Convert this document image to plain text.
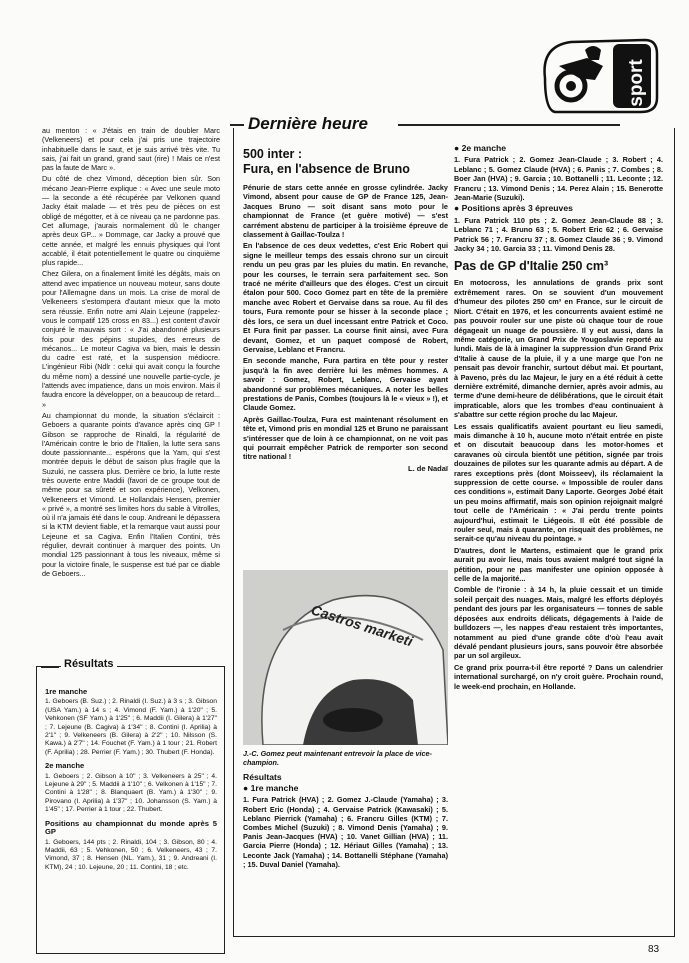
sport

au menton : « J'étais en train de doubler Marc (Velkeneers) et pour cela j'ai pris une trajectoire inhabituelle dans le saut, et je suis arrivé très vite. Tu sais, j'ai fait un grand, grand saut (rire) ! Mais ce n'est pas la faute de Marc ».

Du côté de chez Vimond, déception bien sûr. Son mécano Jean-Pierre explique : « Avec une seule moto — la seconde a été récupérée par Velkonen quand Jacky était malade — et très peu de pièces on est obligé de mégotter, et à ce niveau ça ne pardonne pas. Cet allumage, j'aurais normalement dû le changer après deux GP... » Dommage, car Jacky a prouvé que cette année, et malgré les ennuis physiques qui l'ont accablé, il était potentiellement le quatre ou cinquième plus rapide...

Chez Gilera, on a finalement limité les dégâts, mais on attend avec impatience un nouveau moteur, sans doute pour l'Allemagne dans un mois. La crise de moral de Velkeneers s'estompera d'autant mieux que la moto sera réussie. Enfin notre ami Alain Lejeune (rappelez-vous le compatif 125 cross en 83...) est content d'avoir conjuré le mauvais sort : « J'ai abandonné plusieurs fois pour des pépins stupides, des erreurs de mécanos... Le moteur Cagiva va bien, mais le dessin du cadre est raté, et la suspension médiocre. L'ingénieur Ribi (Ndlr : celui qui avait conçu la fourche du même nom) a dessiné une nouvelle partie-cycle, je l'attends avec impatience, dans un mois environ. Mais il faudra encore la développer, on a beaucoup de retard... »

Au championnat du monde, la situation s'éclaircit : Geboers a quarante points d'avance après cinq GP ! Gibson se rapproche de Rinaldi, la régularité de l'Américain contre le brio de l'Italien, la lutte sera sans doute passionnante... espérons que la Yam, qui s'est montrée depuis le début de saison plus fragile que la Suzuki, ne cassera plus. Derrière ce brio, la lutte reste très ouverte entre Maddii (favori de ce groupe tout de même pour sa sûreté et son expérience), Velkonen, Velkeneers et Vimond. Le Hollandais Hensen, premier « privé », a montré ses limites hors du sable à Vitrolles, où il n'a jamais été dans le coup. Andreani le dépassera si la KTM devient fiable, et la remarque vaut aussi pour Lejeune et sa Cagiva. Enfin l'Italien Contini, très régulier, devrait continuer à marquer des points. Un mondial 125 passionnant à tous les niveaux, même si pour la victoire finale, le suspense est tué par ce diable de Geboers...

Résultats
1re manche
1. Geboers (B. Suz.) ; 2. Rinaldi (I. Suz.) à 3 s ; 3. Gibson (USA Yam.) à 14 s ; 4. Vimond (F. Yam.) à 1'20" ; 5. Vehkonen (SF Yam.) à 1'25" ; 6. Maddii (I. Gilera) à 1'27" ; 7. Lejeune (B. Cagiva) à 1'34" ; 8. Contini (I. Aprilia) à 2'1" ; 9. Velkeneers (B. Gilera) à 2'2" ; 10. Nilsson (S. Kawa.) à 2'7" ; 14. Fouchet (F. Yam.) à 1 tour ; 21. Robert (F. Aprilia) ; 28. Perrier (F. Yam.) ; 30. Thubert (F. Honda).
2e manche
1. Geboers ; 2. Gibson à 10" ; 3. Velkeneers à 25" ; 4. Lejeune à 29" ; 5. Maddii à 1'10" ; 6. Velkonen à 1'15" ; 7. Contini à 1'28" ; 8. Blanquaert (B. Yam.) à 1'30" ; 9. Pirovano (I. Aprilia) à 1'37" ; 10. Johansson (S. Yam.) à 1'45" ; 17. Perrier à 1 tour ; 22. Thubert.
Positions au championnat du monde après 5 GP
1. Geboers, 144 pts ; 2. Rinaldi, 104 ; 3. Gibson, 80 ; 4. Maddii, 63 ; 5. Vehkonen, 50 ; 6. Velkeneers, 43 ; 7. Vimond, 37 ; 8. Hensen (NL. Yam.), 31 ; 9. Andreani (I. KTM), 24 ; 10. Lejeune, 20 ; 11. Contini, 18 ; etc.
Dernière heure
500 inter :
Fura, en l'absence de Bruno

Pénurie de stars cette année en grosse cylindrée. Jacky Vimond, absent pour cause de GP de France 125, Jean-Jacques Bruno — soit disant sans moto pour le championnat de France (et guère motivé) — s'est carrément abstenu de participer à la troisième épreuve de classement à Gaillac-Toulza !

En l'absence de ces deux vedettes, c'est Eric Robert qui signe le meilleur temps des essais chrono sur un circuit rendu un peu gras par les pluies du matin. En revanche, pour les courses, le terrain sera parfaitement sec. Son tracé ne mérite d'ailleurs que des éloges. C'est un circuit étalon pour 500. Coco Gomez part en tête de la première manche avec Robert et Gervaise dans sa roue. Au fil des tours, Fura remonte pour se hisser à la seconde place ; dès lors, ce sera un duel incessant entre Patrick et Coco. Et Fura finit par passer. La course finit ainsi, avec Fura devant, Gomez, et un paquet composé de Robert, Gervaise, Leblanc et Francru.

En seconde manche, Fura partira en tête pour y rester jusqu'à la fin avec derrière lui les mêmes hommes. A savoir : Gomez, Robert, Leblanc, Gervaise ayant abandonné sur problèmes mécaniques. A noter les belles prestations de Panis, Combes (toujours là le « vieux » !), et Claude Gomez.

Après Gaillac-Toulza, Fura est maintenant résolument en tête et, Vimond pris en mondial 125 et Bruno ne paraissant s'intéresser que de loin à ce championnat, on ne voit pas qui pourrait empêcher Patrick de remporter son second titre national !

L. de Nadaï
Castros marketi
J.-C. Gomez peut maintenant entrevoir la place de vice-champion.
Résultats
● 1re manche
1. Fura Patrick (HVA) ; 2. Gomez J.-Claude (Yamaha) ; 3. Robert Eric (Honda) ; 4. Gervaise Patrick (Kawasaki) ; 5. Leblanc Pierrick (Yamaha) ; 6. Francru Gilles (KTM) ; 7. Combes Michel (Suzuki) ; 8. Vimond Denis (Yamaha) ; 9. Panis Jean-Jacques (HVA) ; 10. Vanet Gillian (HVA) ; 11. Garcia Pierre (Honda) ; 12. Hériaut Gilles (Yamaha) ; 13. Leconte Jack (Yamaha) ; 14. Bottanelli Stéphane (Yamaha) ; 15. Duval Daniel (Yamaha).
● 2e manche
1. Fura Patrick ; 2. Gomez Jean-Claude ; 3. Robert ; 4. Leblanc ; 5. Gomez Claude (HVA) ; 6. Panis ; 7. Combes ; 8. Boer Jan (HVA) ; 9. Garcia ; 10. Bottanelli ; 11. Leconte ; 12. Francru ; 13. Vimond Denis ; 14. Perez Alain ; 15. Benerotte Jean-Marie (Suzuki).
● Positions après 3 épreuves
1. Fura Patrick 110 pts ; 2. Gomez Jean-Claude 88 ; 3. Leblanc 71 ; 4. Bruno 63 ; 5. Robert Eric 62 ; 6. Gervaise Patrick 56 ; 7. Francru 37 ; 8. Gomez Claude 36 ; 9. Vimond Jacky 34 ; 10. Garcia 33 ; 11. Vimond Denis 28.
Pas de GP d'Italie 250 cm³

En motocross, les annulations de grands prix sont extrêmement rares. On se souvient d'un mouvement d'humeur des pilotes 250 cm³ en France, sur le circuit de Niort. C'était en 1976, et les concurrents avaient estimé ne pas pouvoir rouler sur une piste où chaque tour de roue dégageait un nuage de poussière. Il y eut aussi, dans la même catégorie, un Grand Prix de Yougoslavie reporté au lundi. Mais de là à imaginer la suppression d'un Grand Prix d'Italie à cause de la pluie, il y a une marge que l'on ne pensait pas devoir franchir, surtout début mai. Et pourtant, à Paveno, près du lac Majeur, le jury en a été réduit à cette dernière extrémité, dimanche dernier, après avoir admis, au terme d'une demi-heure de délibérations, que le circuit était impraticable, alors que les trombes d'eau continuaient à s'abattre sur cette région proche du lac Majeur.

Les essais qualificatifs avaient pourtant eu lieu samedi, mais dimanche à 10 h, aucune moto n'était entrée en piste et on discutait beaucoup dans les motor-homes et caravanes où circula bientôt une pétition, signée par trois douzaines de pilotes sur les quarante admis au départ. A de rares exceptions près (dont Moisseev), ils réclamaient la suppression de cette course. « Impossible de rouler dans ces conditions », estimait Dany Laporte. Georges Jobé était un peu moins affirmatif, mais son opinion rejoignait malgré tout celle de l'Américain : « J'ai perdu trente points aujourd'hui, estimait le Liégeois. Il eût été possible de rouler seul, mais à quarante, on risquait des problèmes, ne serait-ce qu'au niveau du pointage. »

D'autres, dont le Martens, estimaient que le grand prix aurait pu avoir lieu, mais tous avaient malgré tout signé la pétition, pour ne pas manifester une opinion opposée à celle de la majorité...

Comble de l'ironie : à 14 h, la pluie cessait et un timide soleil perçait des nuages. Mais, malgré les efforts déployés pendant des jours par les organisateurs — tonnes de sable déposées aux endroits délicats, dégagements à l'aide de bulldozers —, les nappes d'eau restaient très importantes, notamment au pied d'une grande côte d'où l'eau avait dévalé pendant plusieurs jours, sans pouvoir être absorbée par un sol argileux.

Ce grand prix pourra-t-il être reporté ? Dans un calendrier international surchargé, on n'y croit guère. Prochain round, le week-end prochain, en Hollande.

83
